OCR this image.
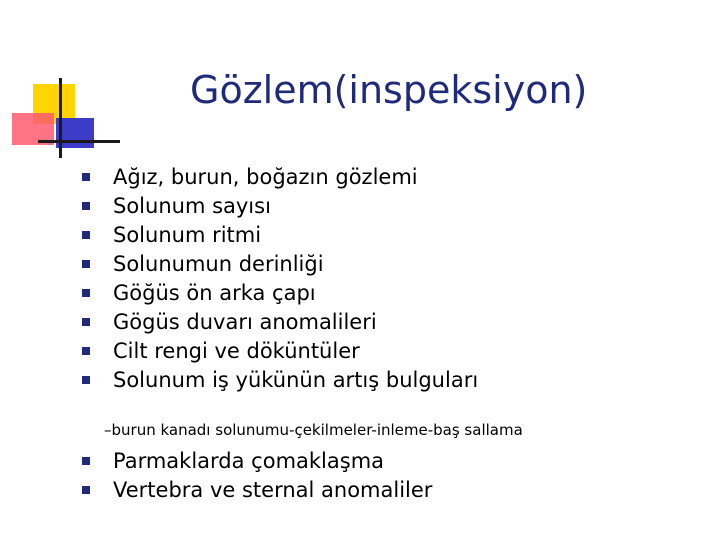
Gözlem(inspeksiyon)
Ağız, burun, boğazın gözlemi
Solunum sayısı
Solunum ritmi
Solunumun derinliği
Göğüs ön arka çapı
Gögüs duvarı anomalileri
Cilt rengi ve döküntüler
Solunum iş yükünün artış bulguları
–burun kanadı solunumu-çekilmeler-inleme-baş sallama
Parmaklarda çomaklaşma
Vertebra ve sternal anomaliler
